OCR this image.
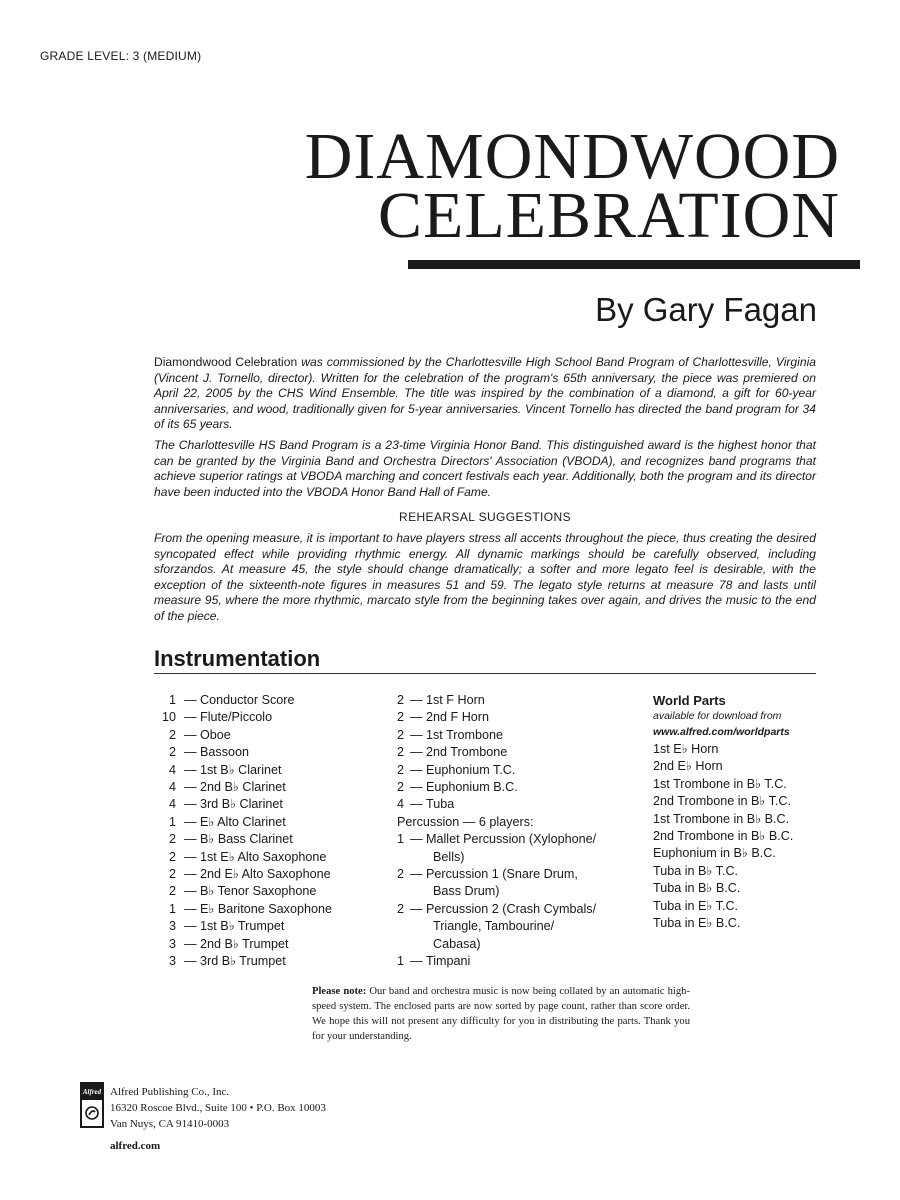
GRADE LEVEL: 3 (MEDIUM)
DIAMONDWOOD
CELEBRATION
By Gary Fagan
Diamondwood Celebration was commissioned by the Charlottesville High School Band Program of Charlottesville, Virginia (Vincent J. Tornello, director). Written for the celebration of the program's 65th anniversary, the piece was premiered on April 22, 2005 by the CHS Wind Ensemble. The title was inspired by the combination of a diamond, a gift for 60-year anniversaries, and wood, traditionally given for 5-year anniversaries. Vincent Tornello has directed the band program for 34 of its 65 years.
The Charlottesville HS Band Program is a 23-time Virginia Honor Band. This distinguished award is the highest honor that can be granted by the Virginia Band and Orchestra Directors' Association (VBODA), and recognizes band programs that achieve superior ratings at VBODA marching and concert festivals each year. Additionally, both the program and its director have been inducted into the VBODA Honor Band Hall of Fame.
REHEARSAL SUGGESTIONS
From the opening measure, it is important to have players stress all accents throughout the piece, thus creating the desired syncopated effect while providing rhythmic energy. All dynamic markings should be carefully observed, including sforzandos. At measure 45, the style should change dramatically; a softer and more legato feel is desirable, with the exception of the sixteenth-note figures in measures 51 and 59. The legato style returns at measure 78 and lasts until measure 95, where the more rhythmic, marcato style from the beginning takes over again, and drives the music to the end of the piece.
Instrumentation
1 — Conductor Score
10 — Flute/Piccolo
2 — Oboe
2 — Bassoon
4 — 1st B♭ Clarinet
4 — 2nd B♭ Clarinet
4 — 3rd B♭ Clarinet
1 — E♭ Alto Clarinet
2 — B♭ Bass Clarinet
2 — 1st E♭ Alto Saxophone
2 — 2nd E♭ Alto Saxophone
2 — B♭ Tenor Saxophone
1 — E♭ Baritone Saxophone
3 — 1st B♭ Trumpet
3 — 2nd B♭ Trumpet
3 — 3rd B♭ Trumpet
2 — 1st F Horn
2 — 2nd F Horn
2 — 1st Trombone
2 — 2nd Trombone
2 — Euphonium T.C.
2 — Euphonium B.C.
4 — Tuba
Percussion — 6 players:
1 — Mallet Percussion (Xylophone/
Bells)
2 — Percussion 1 (Snare Drum,
Bass Drum)
2 — Percussion 2 (Crash Cymbals/
Triangle, Tambourine/
Cabasa)
1 — Timpani
World Parts
available for download from
www.alfred.com/worldparts
1st E♭ Horn
2nd E♭ Horn
1st Trombone in B♭ T.C.
2nd Trombone in B♭ T.C.
1st Trombone in B♭ B.C.
2nd Trombone in B♭ B.C.
Euphonium in B♭ B.C.
Tuba in B♭ T.C.
Tuba in B♭ B.C.
Tuba in E♭ T.C.
Tuba in E♭ B.C.
Please note: Our band and orchestra music is now being collated by an automatic high-speed system. The enclosed parts are now sorted by page count, rather than score order. We hope this will not present any difficulty for you in distributing the parts. Thank you for your understanding.
Alfred Alfred Publishing Co., Inc.
16320 Roscoe Blvd., Suite 100 • P.O. Box 10003
Van Nuys, CA 91410-0003
alfred.com
